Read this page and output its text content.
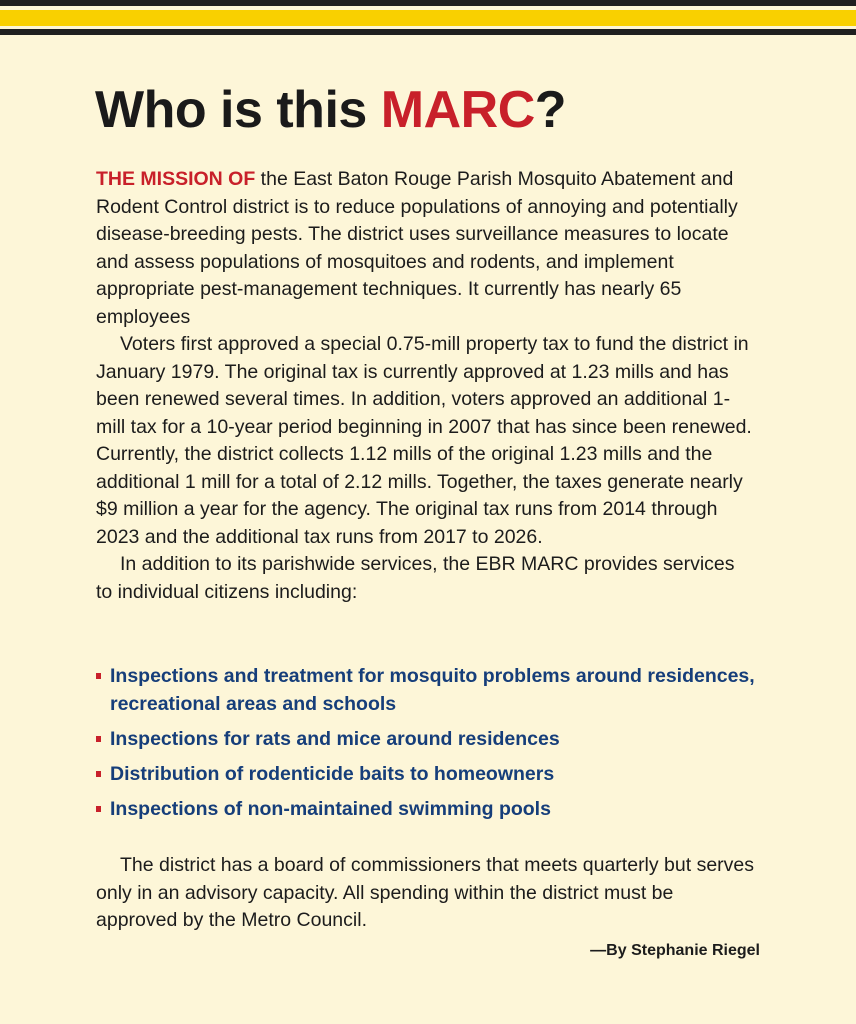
Who is this MARC?

THE MISSION OF the East Baton Rouge Parish Mosquito Abatement and Rodent Control district is to reduce populations of annoying and potentially disease-breeding pests. The district uses surveillance measures to locate and assess populations of mosquitoes and rodents, and implement appropriate pest-management techniques. It currently has nearly 65 employees

Voters first approved a special 0.75-mill property tax to fund the district in January 1979. The original tax is currently approved at 1.23 mills and has been renewed several times. In addition, voters approved an additional 1-mill tax for a 10-year period beginning in 2007 that has since been renewed. Currently, the district collects 1.12 mills of the original 1.23 mills and the additional 1 mill for a total of 2.12 mills. Together, the taxes generate nearly $9 million a year for the agency. The original tax runs from 2014 through 2023 and the additional tax runs from 2017 to 2026.

In addition to its parishwide services, the EBR MARC provides services to individual citizens including:

Inspections and treatment for mosquito problems around residences, recreational areas and schools
Inspections for rats and mice around residences
Distribution of rodenticide baits to homeowners
Inspections of non-maintained swimming pools

The district has a board of commissioners that meets quarterly but serves only in an advisory capacity. All spending within the district must be approved by the Metro Council.

—By Stephanie Riegel
